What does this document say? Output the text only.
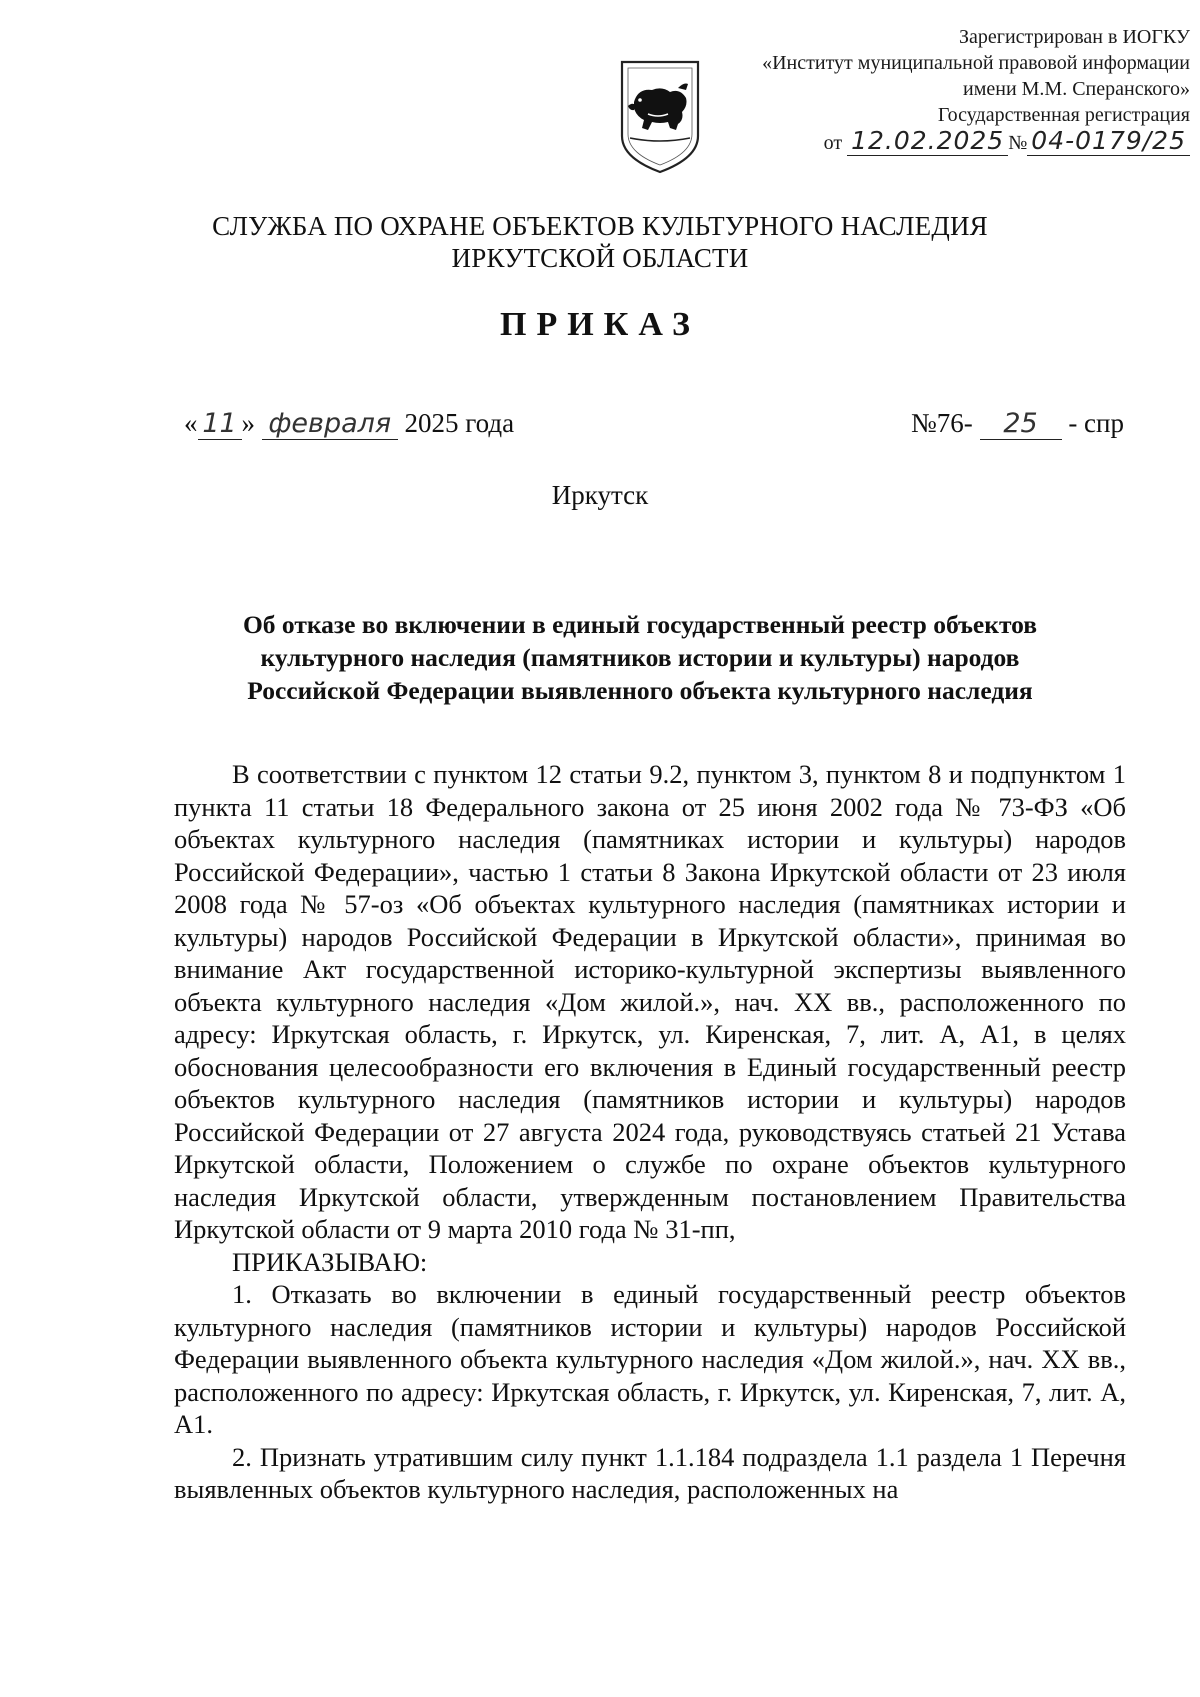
Зарегистрирован в ИОГКУ
«Институт муниципальной правовой информации
имени М.М. Сперанского»
Государственная регистрация
от 12.02.2025 № 04-0179/25
СЛУЖБА ПО ОХРАНЕ ОБЪЕКТОВ КУЛЬТУРНОГО НАСЛЕДИЯ
ИРКУТСКОЙ ОБЛАСТИ
ПРИКАЗ
« 11 » февраля 2025 года	№76- 25 - спр
Иркутск
Об отказе во включении в единый государственный реестр объектов
культурного наследия (памятников истории и культуры) народов
Российской Федерации выявленного объекта культурного наследия

В соответствии с пунктом 12 статьи 9.2, пунктом 3, пунктом 8 и подпунктом 1 пункта 11 статьи 18 Федерального закона от 25 июня 2002 года № 73-ФЗ «Об объектах культурного наследия (памятниках истории и культуры) народов Российской Федерации», частью 1 статьи 8 Закона Иркутской области от 23 июля 2008 года № 57-оз «Об объектах культурного наследия (памятниках истории и культуры) народов Российской Федерации в Иркутской области», принимая во внимание Акт государственной историко-культурной экспертизы выявленного объекта культурного наследия «Дом жилой.», нач. XX вв., расположенного по адресу: Иркутская область, г. Иркутск, ул. Киренская, 7, лит. А, А1, в целях обоснования целесообразности его включения в Единый государственный реестр объектов культурного наследия (памятников истории и культуры) народов Российской Федерации от 27 августа 2024 года, руководствуясь статьей 21 Устава Иркутской области, Положением о службе по охране объектов культурного наследия Иркутской области, утвержденным постановлением Правительства Иркутской области от 9 марта 2010 года № 31-пп,

ПРИКАЗЫВАЮ:

1. Отказать во включении в единый государственный реестр объектов культурного наследия (памятников истории и культуры) народов Российской Федерации выявленного объекта культурного наследия «Дом жилой.», нач. XX вв., расположенного по адресу: Иркутская область, г. Иркутск, ул. Киренская, 7, лит. А, А1.

2. Признать утратившим силу пункт 1.1.184 подраздела 1.1 раздела 1 Перечня выявленных объектов культурного наследия, расположенных на
